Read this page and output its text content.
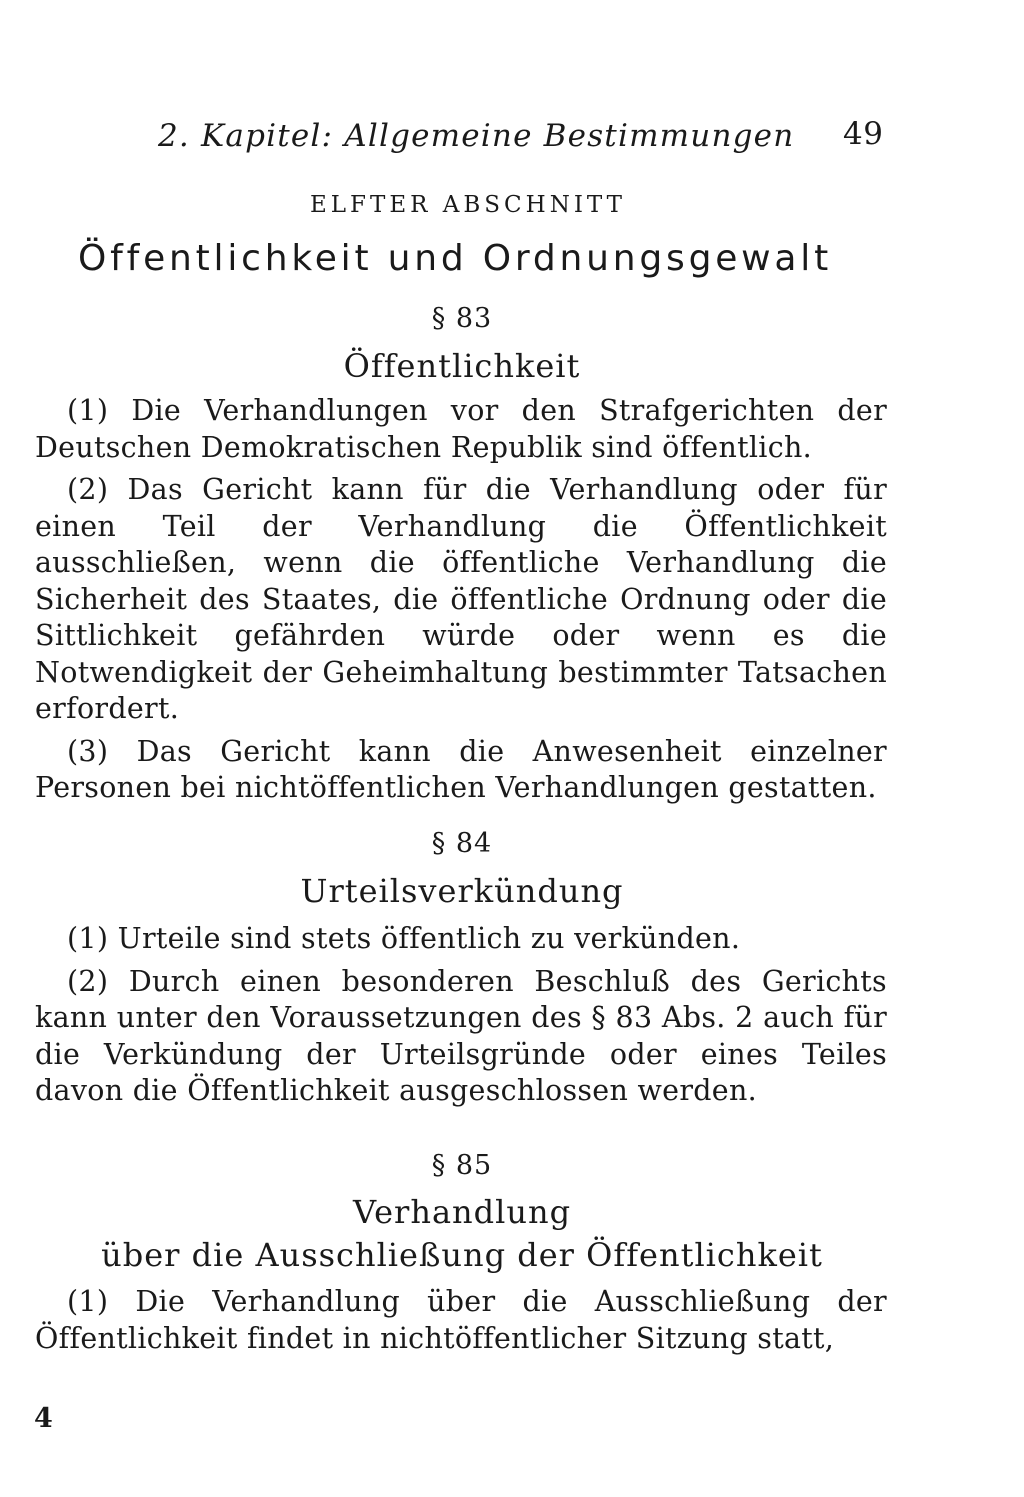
2. Kapitel: Allgemeine Bestimmungen 49
ELFTER ABSCHNITT
Öffentlichkeit und Ordnungsgewalt
§ 83
Öffentlichkeit

(1) Die Verhandlungen vor den Strafgerichten der Deutschen Demokratischen Republik sind öffentlich.

(2) Das Gericht kann für die Verhandlung oder für einen Teil der Verhandlung die Öffentlichkeit ausschließen, wenn die öffentliche Verhandlung die Sicherheit des Staates, die öffentliche Ordnung oder die Sittlichkeit gefährden würde oder wenn es die Notwendigkeit der Geheimhaltung bestimmter Tatsachen erfordert.

(3) Das Gericht kann die Anwesenheit einzelner Personen bei nichtöffentlichen Verhandlungen gestatten.

§ 84
Urteilsverkündung

(1) Urteile sind stets öffentlich zu verkünden.

(2) Durch einen besonderen Beschluß des Gerichts kann unter den Voraussetzungen des § 83 Abs. 2 auch für die Verkündung der Urteilsgründe oder eines Teiles davon die Öffentlichkeit ausgeschlossen werden.

§ 85
Verhandlung
über die Ausschließung der Öffentlichkeit

(1) Die Verhandlung über die Ausschließung der Öffentlichkeit findet in nichtöffentlicher Sitzung statt,

4
